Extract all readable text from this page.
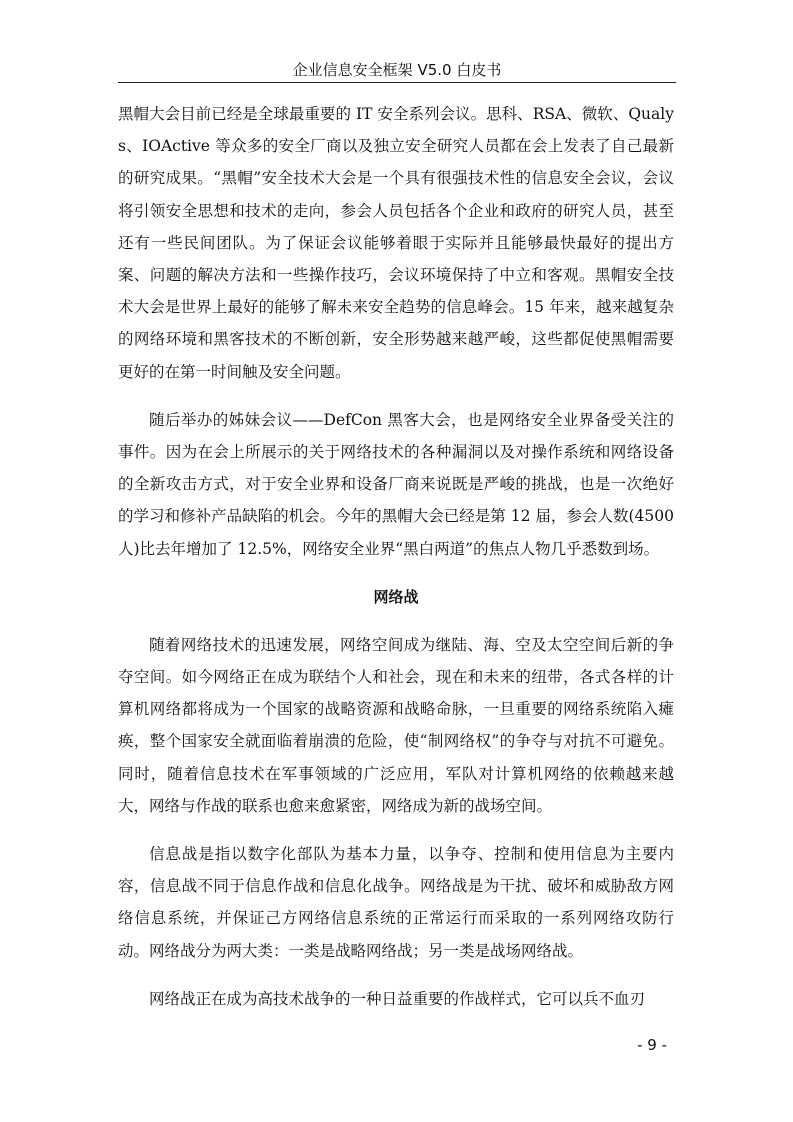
企业信息安全框架 V5.0 白皮书

黑帽大会目前已经是全球最重要的 IT 安全系列会议。思科、RSA、微软、Qualys、IOActive 等众多的安全厂商以及独立安全研究人员都在会上发表了自己最新的研究成果。“黑帽”安全技术大会是一个具有很强技术性的信息安全会议，会议将引领安全思想和技术的走向，参会人员包括各个企业和政府的研究人员，甚至还有一些民间团队。为了保证会议能够着眼于实际并且能够最快最好的提出方案、问题的解决方法和一些操作技巧，会议环境保持了中立和客观。黑帽安全技术大会是世界上最好的能够了解未来安全趋势的信息峰会。15 年来，越来越复杂的网络环境和黑客技术的不断创新，安全形势越来越严峻，这些都促使黑帽需要更好的在第一时间触及安全问题。

随后举办的姊妹会议——DefCon 黑客大会，也是网络安全业界备受关注的事件。因为在会上所展示的关于网络技术的各种漏洞以及对操作系统和网络设备的全新攻击方式，对于安全业界和设备厂商来说既是严峻的挑战，也是一次绝好的学习和修补产品缺陷的机会。今年的黑帽大会已经是第 12 届，参会人数(4500 人)比去年增加了 12.5%，网络安全业界“黑白两道”的焦点人物几乎悉数到场。

网络战

随着网络技术的迅速发展，网络空间成为继陆、海、空及太空空间后新的争夺空间。如今网络正在成为联结个人和社会，现在和未来的纽带，各式各样的计算机网络都将成为一个国家的战略资源和战略命脉，一旦重要的网络系统陷入瘫痪，整个国家安全就面临着崩溃的危险，使“制网络权”的争夺与对抗不可避免。同时，随着信息技术在军事领域的广泛应用，军队对计算机网络的依赖越来越大，网络与作战的联系也愈来愈紧密，网络成为新的战场空间。

信息战是指以数字化部队为基本力量，以争夺、控制和使用信息为主要内容，信息战不同于信息作战和信息化战争。网络战是为干扰、破坏和威胁敌方网络信息系统，并保证己方网络信息系统的正常运行而采取的一系列网络攻防行动。网络战分为两大类：一类是战略网络战；另一类是战场网络战。

网络战正在成为高技术战争的一种日益重要的作战样式，它可以兵不血刃

- 9 -
